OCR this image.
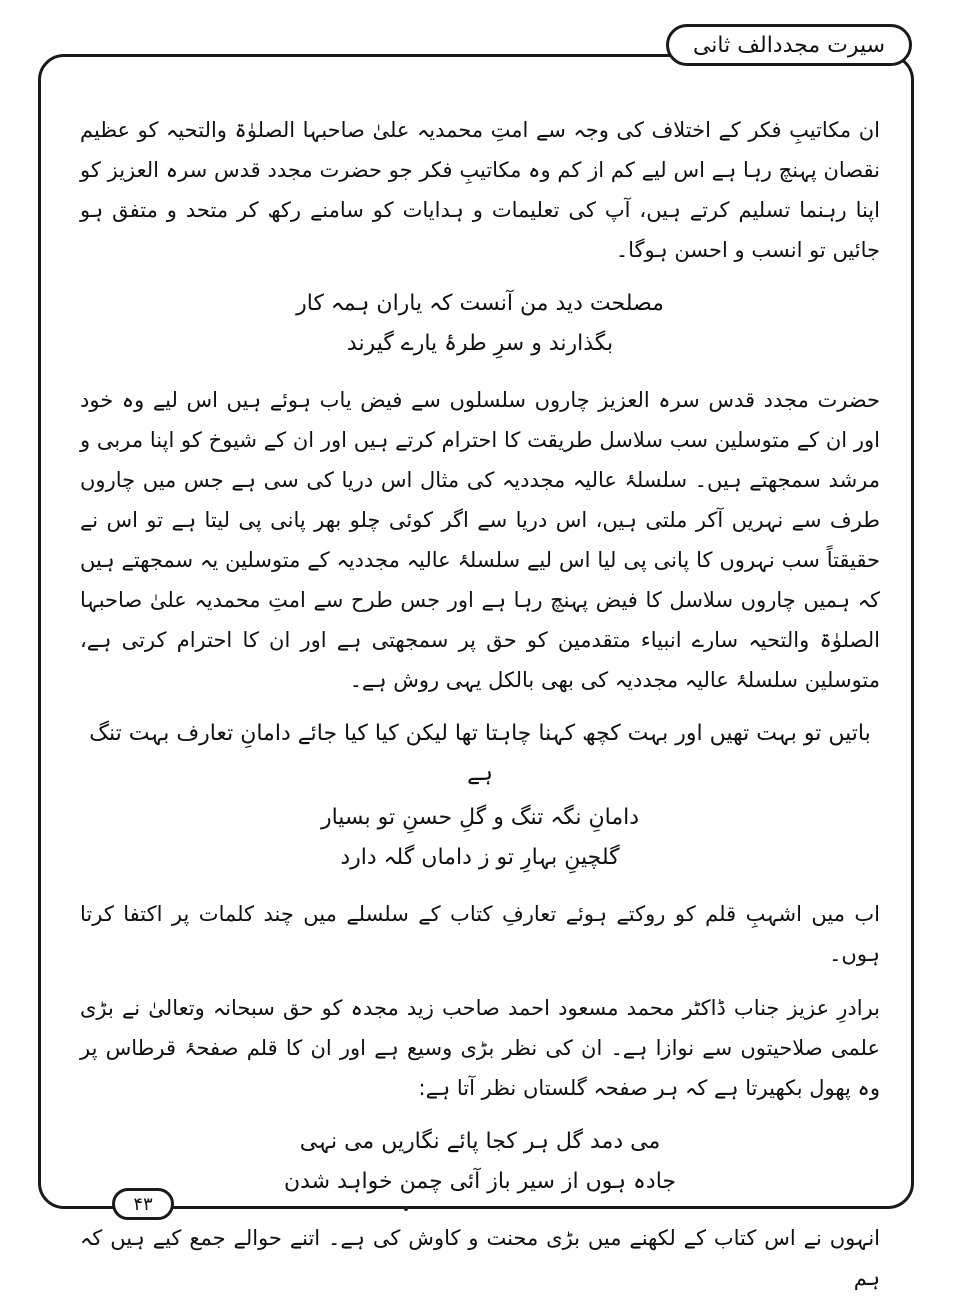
سیرت مجددالف ثانی

ان مکاتیبِ فکر کے اختلاف کی وجہ سے امتِ محمدیہ علیٰ صاحبہا الصلوٰۃ والتحیہ کو عظیم نقصان پہنچ رہا ہے اس لیے کم از کم وہ مکاتیبِ فکر جو حضرت مجدد قدس سرہ العزیز کو اپنا رہنما تسلیم کرتے ہیں، آپ کی تعلیمات و ہدایات کو سامنے رکھ کر متحد و متفق ہو جائیں تو انسب و احسن ہوگا۔

مصلحت دید من آنست کہ یاران ہمہ کار

بگذارند و سرِ طرۂ یارے گیرند

حضرت مجدد قدس سرہ العزیز چاروں سلسلوں سے فیض یاب ہوئے ہیں اس لیے وہ خود اور ان کے متوسلین سب سلاسل طریقت کا احترام کرتے ہیں اور ان کے شیوخ کو اپنا مربی و مرشد سمجھتے ہیں۔ سلسلۂ عالیہ مجددیہ کی مثال اس دریا کی سی ہے جس میں چاروں طرف سے نہریں آکر ملتی ہیں، اس دریا سے اگر کوئی چلو بھر پانی پی لیتا ہے تو اس نے حقیقتاً سب نہروں کا پانی پی لیا اس لیے سلسلۂ عالیہ مجددیہ کے متوسلین یہ سمجھتے ہیں کہ ہمیں چاروں سلاسل کا فیض پہنچ رہا ہے اور جس طرح سے امتِ محمدیہ علیٰ صاحبہا الصلوٰۃ والتحیہ سارے انبیاء متقدمین کو حق پر سمجھتی ہے اور ان کا احترام کرتی ہے، متوسلین سلسلۂ عالیہ مجددیہ کی بھی بالکل یہی روش ہے۔

باتیں تو بہت تھیں اور بہت کچھ کہنا چاہتا تھا لیکن کیا کیا جائے دامانِ تعارف بہت تنگ ہے

دامانِ نگہ تنگ و گلِ حسنِ تو بسیار

گلچینِ بہارِ تو ز داماں گلہ دارد

اب میں اشہبِ قلم کو روکتے ہوئے تعارفِ کتاب کے سلسلے میں چند کلمات پر اکتفا کرتا ہوں۔

برادرِ عزیز جناب ڈاکٹر محمد مسعود احمد صاحب زید مجدہ کو حق سبحانہ وتعالیٰ نے بڑی علمی صلاحیتوں سے نوازا ہے۔ ان کی نظر بڑی وسیع ہے اور ان کا قلم صفحۂ قرطاس پر وہ پھول بکھیرتا ہے کہ ہر صفحہ گلستاں نظر آتا ہے:

می دمد گل ہر کجا پائے نگاریں می نہی

جادہ ہوں از سیر باز آئی چمن خواہد شدن

انہوں نے اس کتاب کے لکھنے میں بڑی محنت و کاوش کی ہے۔ اتنے حوالے جمع کیے ہیں کہ ہم

۴۳
